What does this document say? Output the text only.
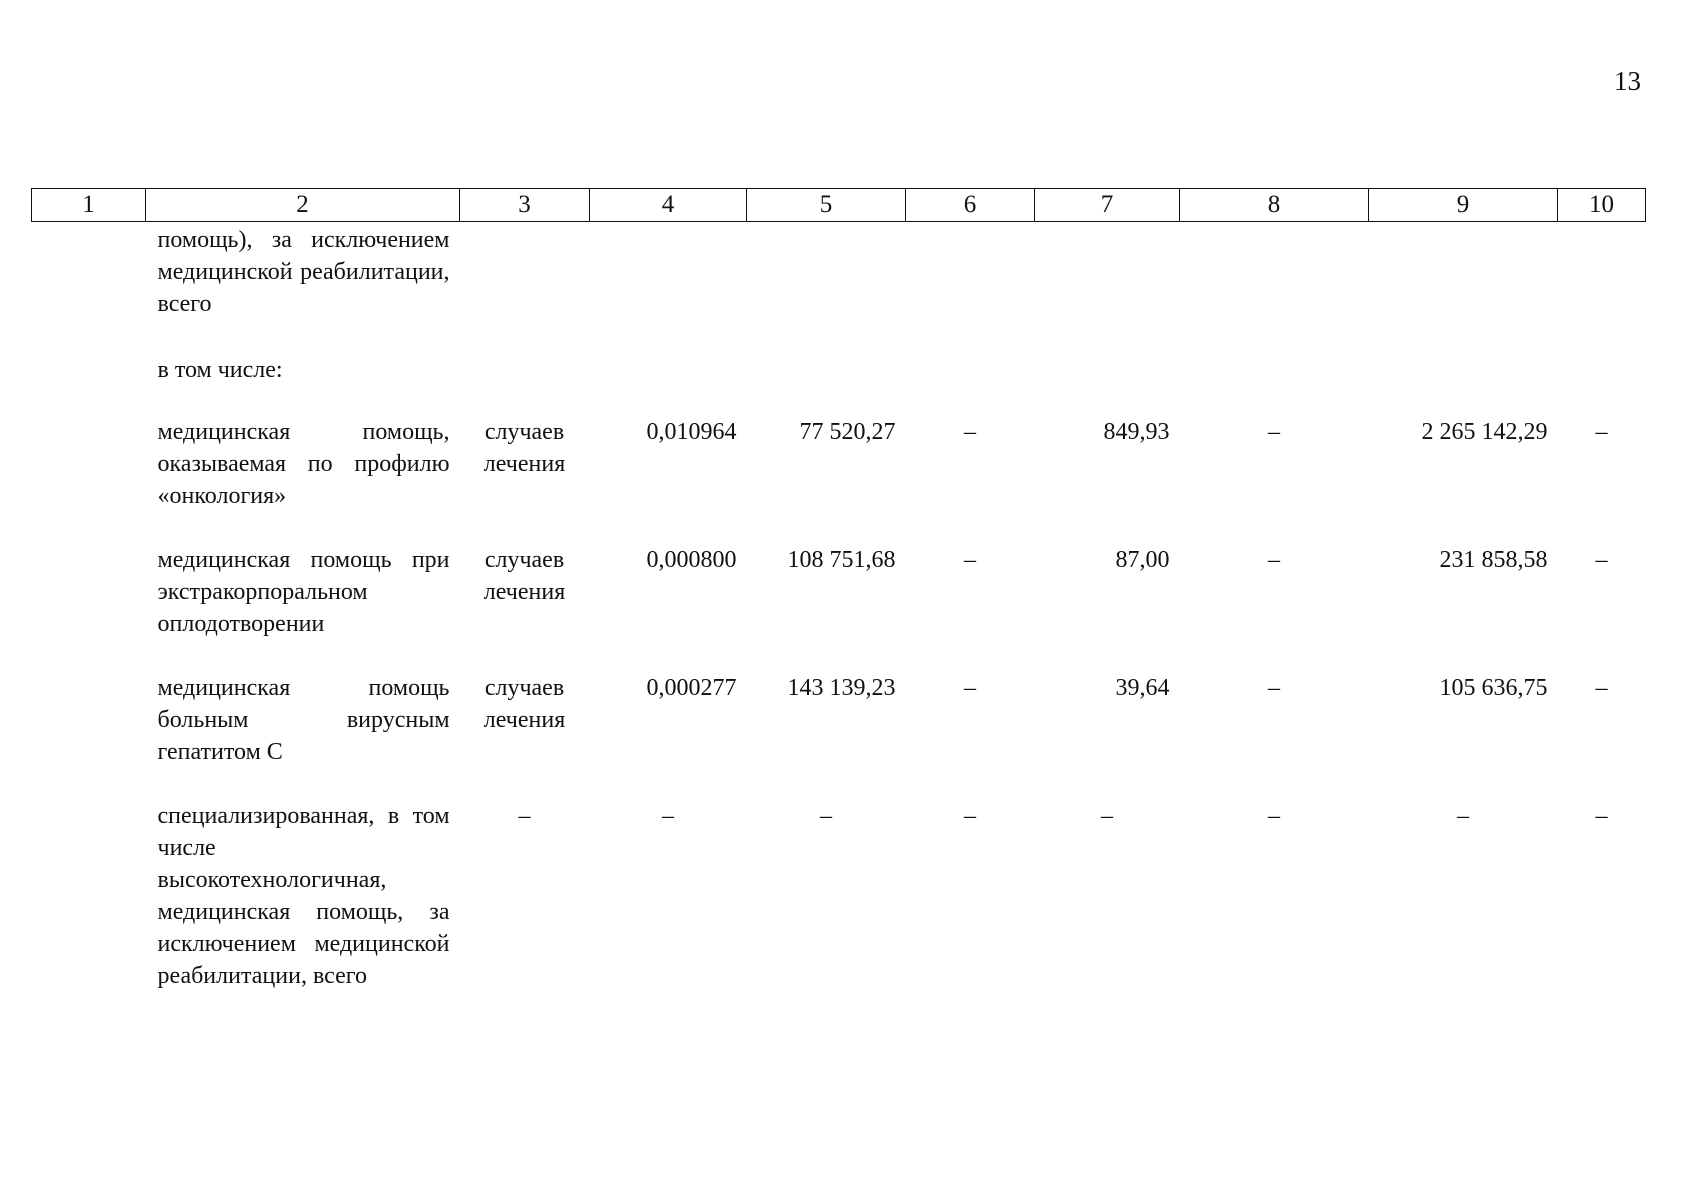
13
1	2	3	4	5	6	7	8	9	10
	помощь), за исключением медицинской реабилитации, всего								
	в том числе:								
	медицинская помощь, оказываемая по профилю «онкология»	случаев лечения	0,010964	77 520,27	–	849,93	–	2 265 142,29	–
	медицинская помощь при экстракорпоральном оплодотворении	случаев лечения	0,000800	108 751,68	–	87,00	–	231 858,58	–
	медицинская помощь больным вирусным гепатитом С	случаев лечения	0,000277	143 139,23	–	39,64	–	105 636,75	–
	специализированная, в том числе высокотехнологичная, медицинская помощь, за исключением медицинской реабилитации, всего	–	–	–	–	–	–	–	–
